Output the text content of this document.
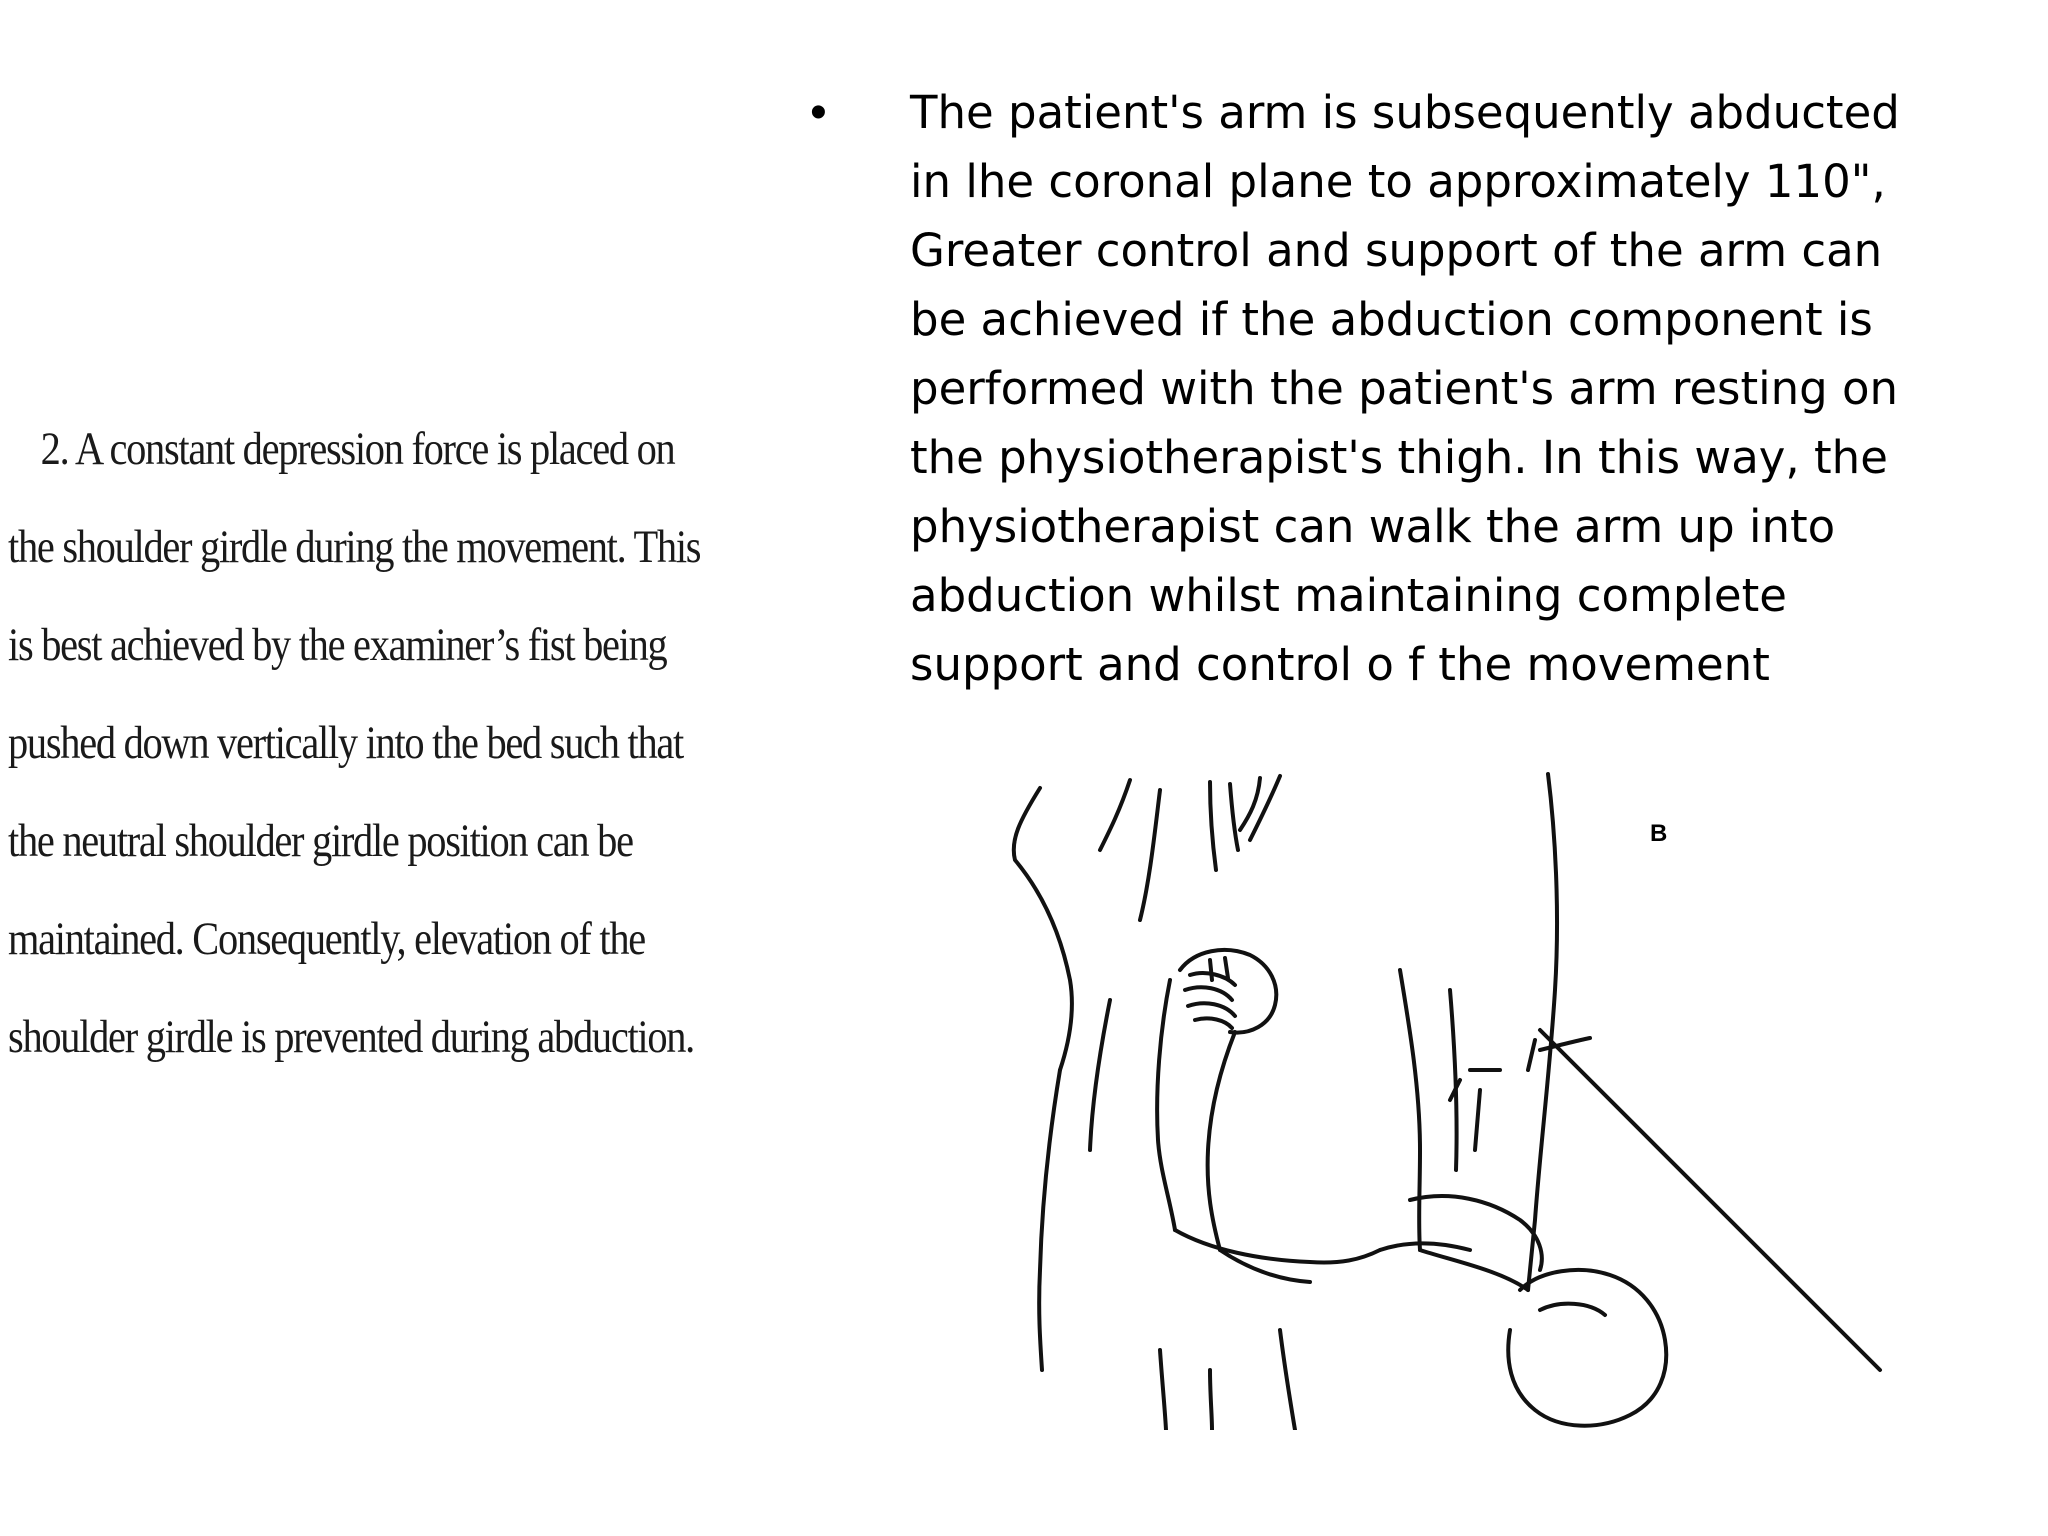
2. A constant depression force is placed on
the shoulder girdle during the movement. This
is best achieved by the examiner’s fist being
pushed down vertically into the bed such that
the neutral shoulder girdle position can be
maintained. Consequently, elevation of the
shoulder girdle is prevented during abduction.
• The patient's arm is subsequently abducted
in lhe coronal plane to approximately 110",
Greater control and support of the arm can
be achieved if the abduction component is
performed with the patient's arm resting on
the physiotherapist's thigh. In this way, the
physiotherapist can walk the arm up into
abduction whilst maintaining complete
support and control o f the movement
B
